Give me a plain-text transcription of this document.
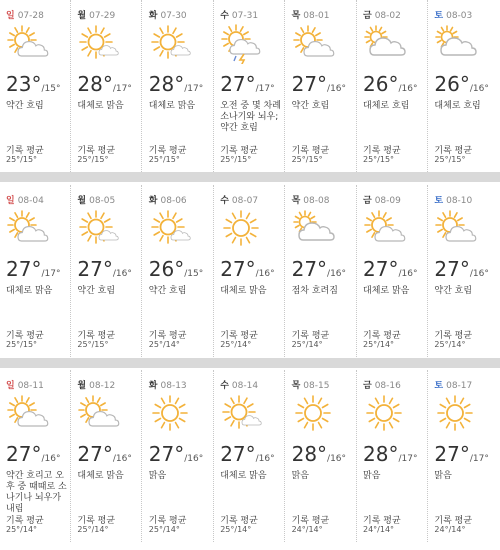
일 07-28
23°/15°
약간 흐림
기록 평균
25°/15°
월 07-29
28°/17°
대체로 맑음
기록 평균
25°/15°
화 07-30
28°/17°
대체로 맑음
기록 평균
25°/15°
수 07-31
27°/17°
오전 중 몇 차례 소나기와 뇌우; 약간 흐림
기록 평균
25°/15°
목 08-01
27°/16°
약간 흐림
기록 평균
25°/15°
금 08-02
26°/16°
대체로 흐림
기록 평균
25°/15°
토 08-03
26°/16°
대체로 흐림
기록 평균
25°/15°
일 08-04
27°/17°
대체로 맑음
기록 평균
25°/15°
월 08-05
27°/16°
약간 흐림
기록 평균
25°/15°
화 08-06
26°/15°
약간 흐림
기록 평균
25°/14°
수 08-07
27°/16°
대체로 맑음
기록 평균
25°/14°
목 08-08
27°/16°
점차 흐려짐
기록 평균
25°/14°
금 08-09
27°/16°
대체로 맑음
기록 평균
25°/14°
토 08-10
27°/16°
약간 흐림
기록 평균
25°/14°
일 08-11
27°/16°
약간 흐리고 오후 중 때때로 소나기나 뇌우가 내림
기록 평균
25°/14°
월 08-12
27°/16°
대체로 맑음
기록 평균
25°/14°
화 08-13
27°/16°
맑음
기록 평균
25°/14°
수 08-14
27°/16°
대체로 맑음
기록 평균
25°/14°
목 08-15
28°/16°
맑음
기록 평균
24°/14°
금 08-16
28°/17°
맑음
기록 평균
24°/14°
토 08-17
27°/17°
맑음
기록 평균
24°/14°
